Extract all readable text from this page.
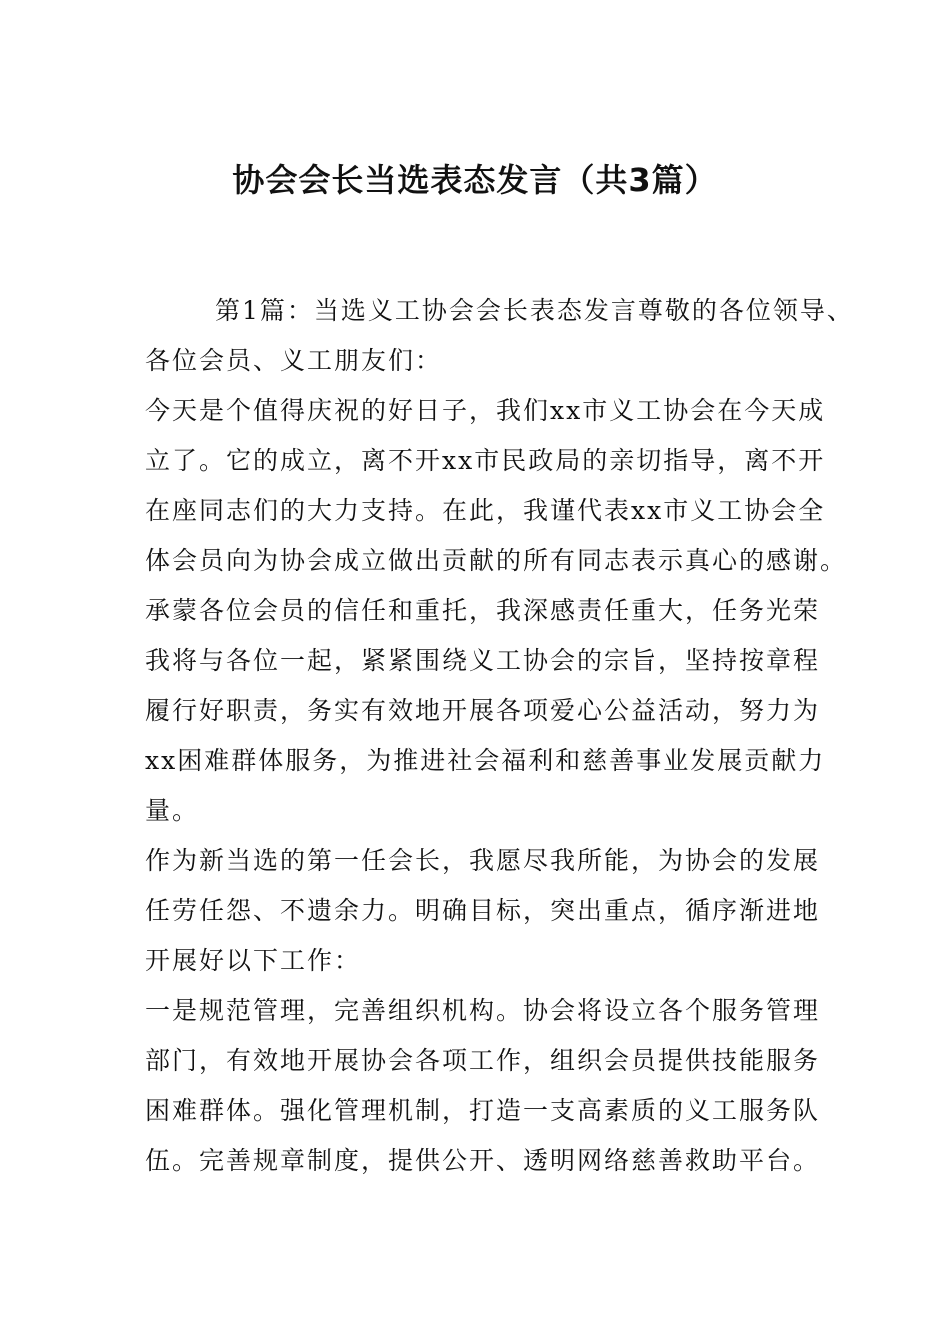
协会会长当选表态发言（共3篇）
第1篇：当选义工协会会长表态发言尊敬的各位领导、
各位会员、义工朋友们：
今天是个值得庆祝的好日子，我们xx市义工协会在今天成
立了。它的成立，离不开xx市民政局的亲切指导，离不开
在座同志们的大力支持。在此，我谨代表xx市义工协会全
体会员向为协会成立做出贡献的所有同志表示真心的感谢。
承蒙各位会员的信任和重托，我深感责任重大，任务光荣
我将与各位一起，紧紧围绕义工协会的宗旨，坚持按章程
履行好职责，务实有效地开展各项爱心公益活动，努力为
xx困难群体服务，为推进社会福利和慈善事业发展贡献力
量。
作为新当选的第一任会长，我愿尽我所能，为协会的发展
任劳任怨、不遗余力。明确目标，突出重点，循序渐进地
开展好以下工作：
一是规范管理，完善组织机构。协会将设立各个服务管理
部门，有效地开展协会各项工作，组织会员提供技能服务
困难群体。强化管理机制，打造一支高素质的义工服务队
伍。完善规章制度，提供公开、透明网络慈善救助平台。
